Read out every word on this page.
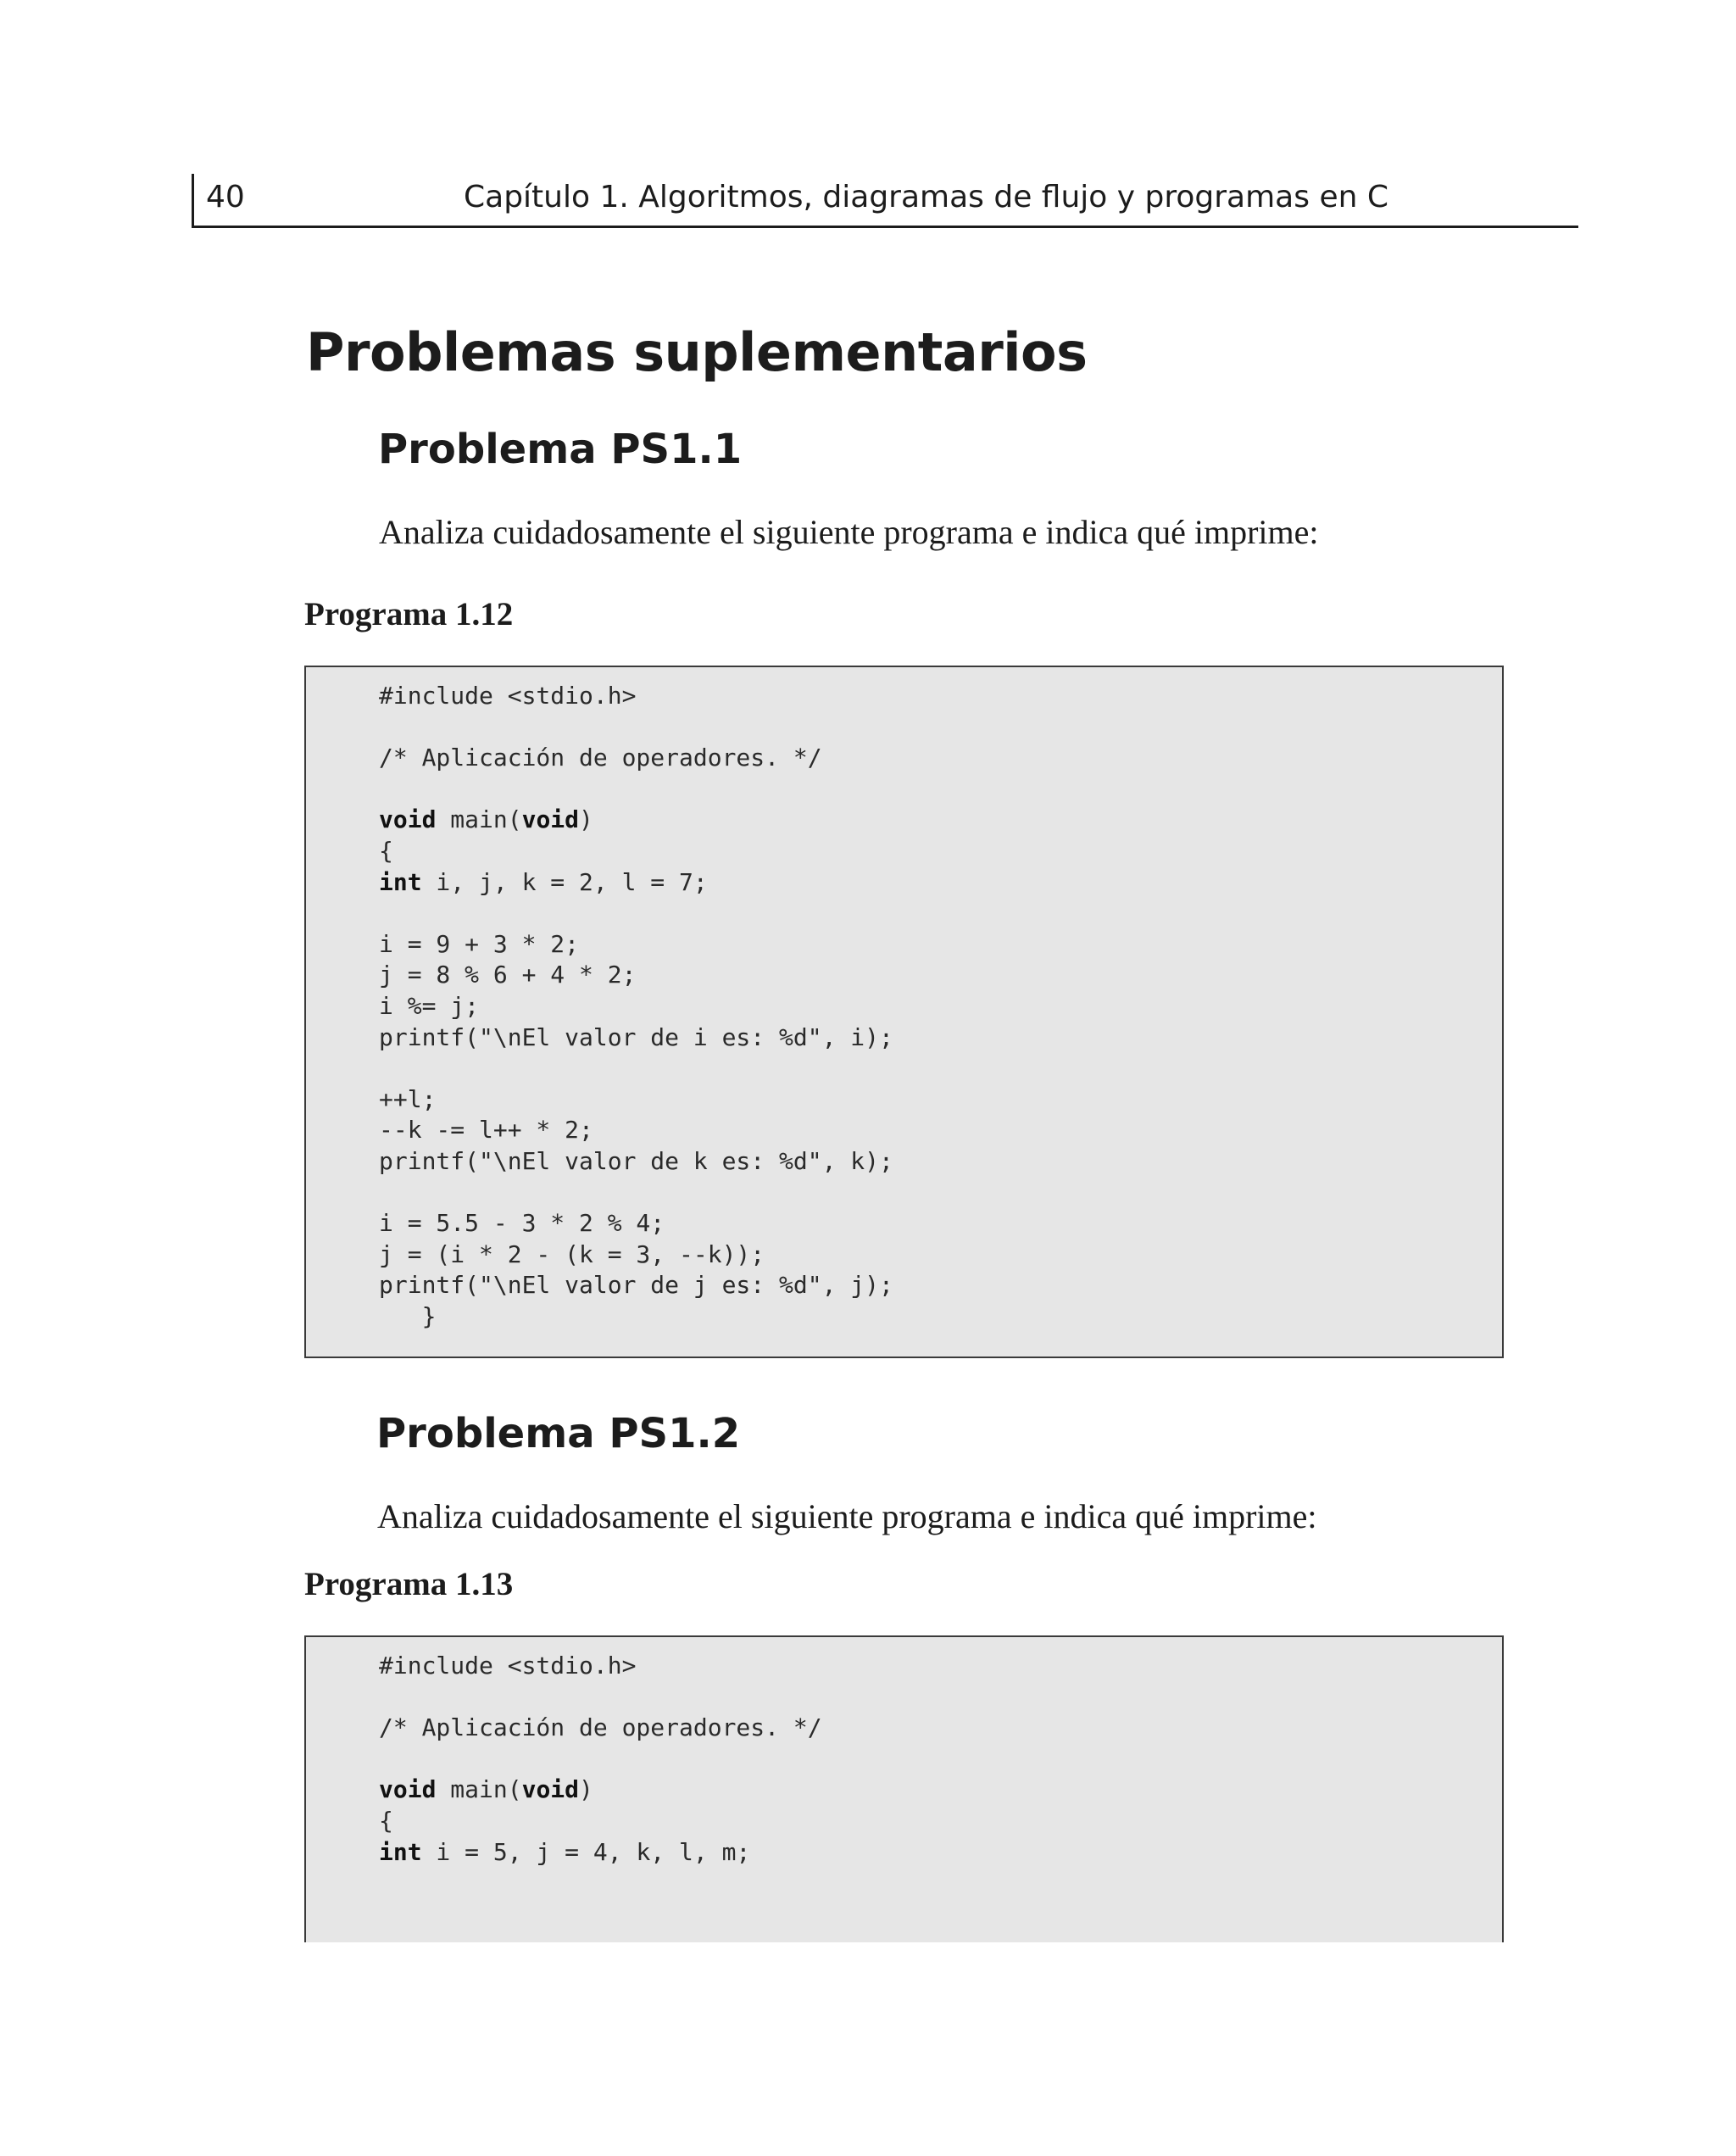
40	Capítulo 1. Algoritmos, diagramas de flujo y programas en C
Problemas suplementarios
Problema PS1.1
Analiza cuidadosamente el siguiente programa e indica qué imprime:
Programa 1.12
#include <stdio.h>
/* Aplicación de operadores. */
void main(void)
{
int i, j, k = 2, l = 7;
i = 9 + 3 * 2;
j = 8 % 6 + 4 * 2;
i %= j;
printf("\nEl valor de i es: %d", i);
++l;
--k -= l++ * 2;
printf("\nEl valor de k es: %d", k);
i = 5.5 - 3 * 2 % 4;
j = (i * 2 - (k = 3, --k));
printf("\nEl valor de j es: %d", j);
}
Problema PS1.2
Analiza cuidadosamente el siguiente programa e indica qué imprime:
Programa 1.13
#include <stdio.h>
/* Aplicación de operadores. */
void main(void)
{
int i = 5, j = 4, k, l, m;
